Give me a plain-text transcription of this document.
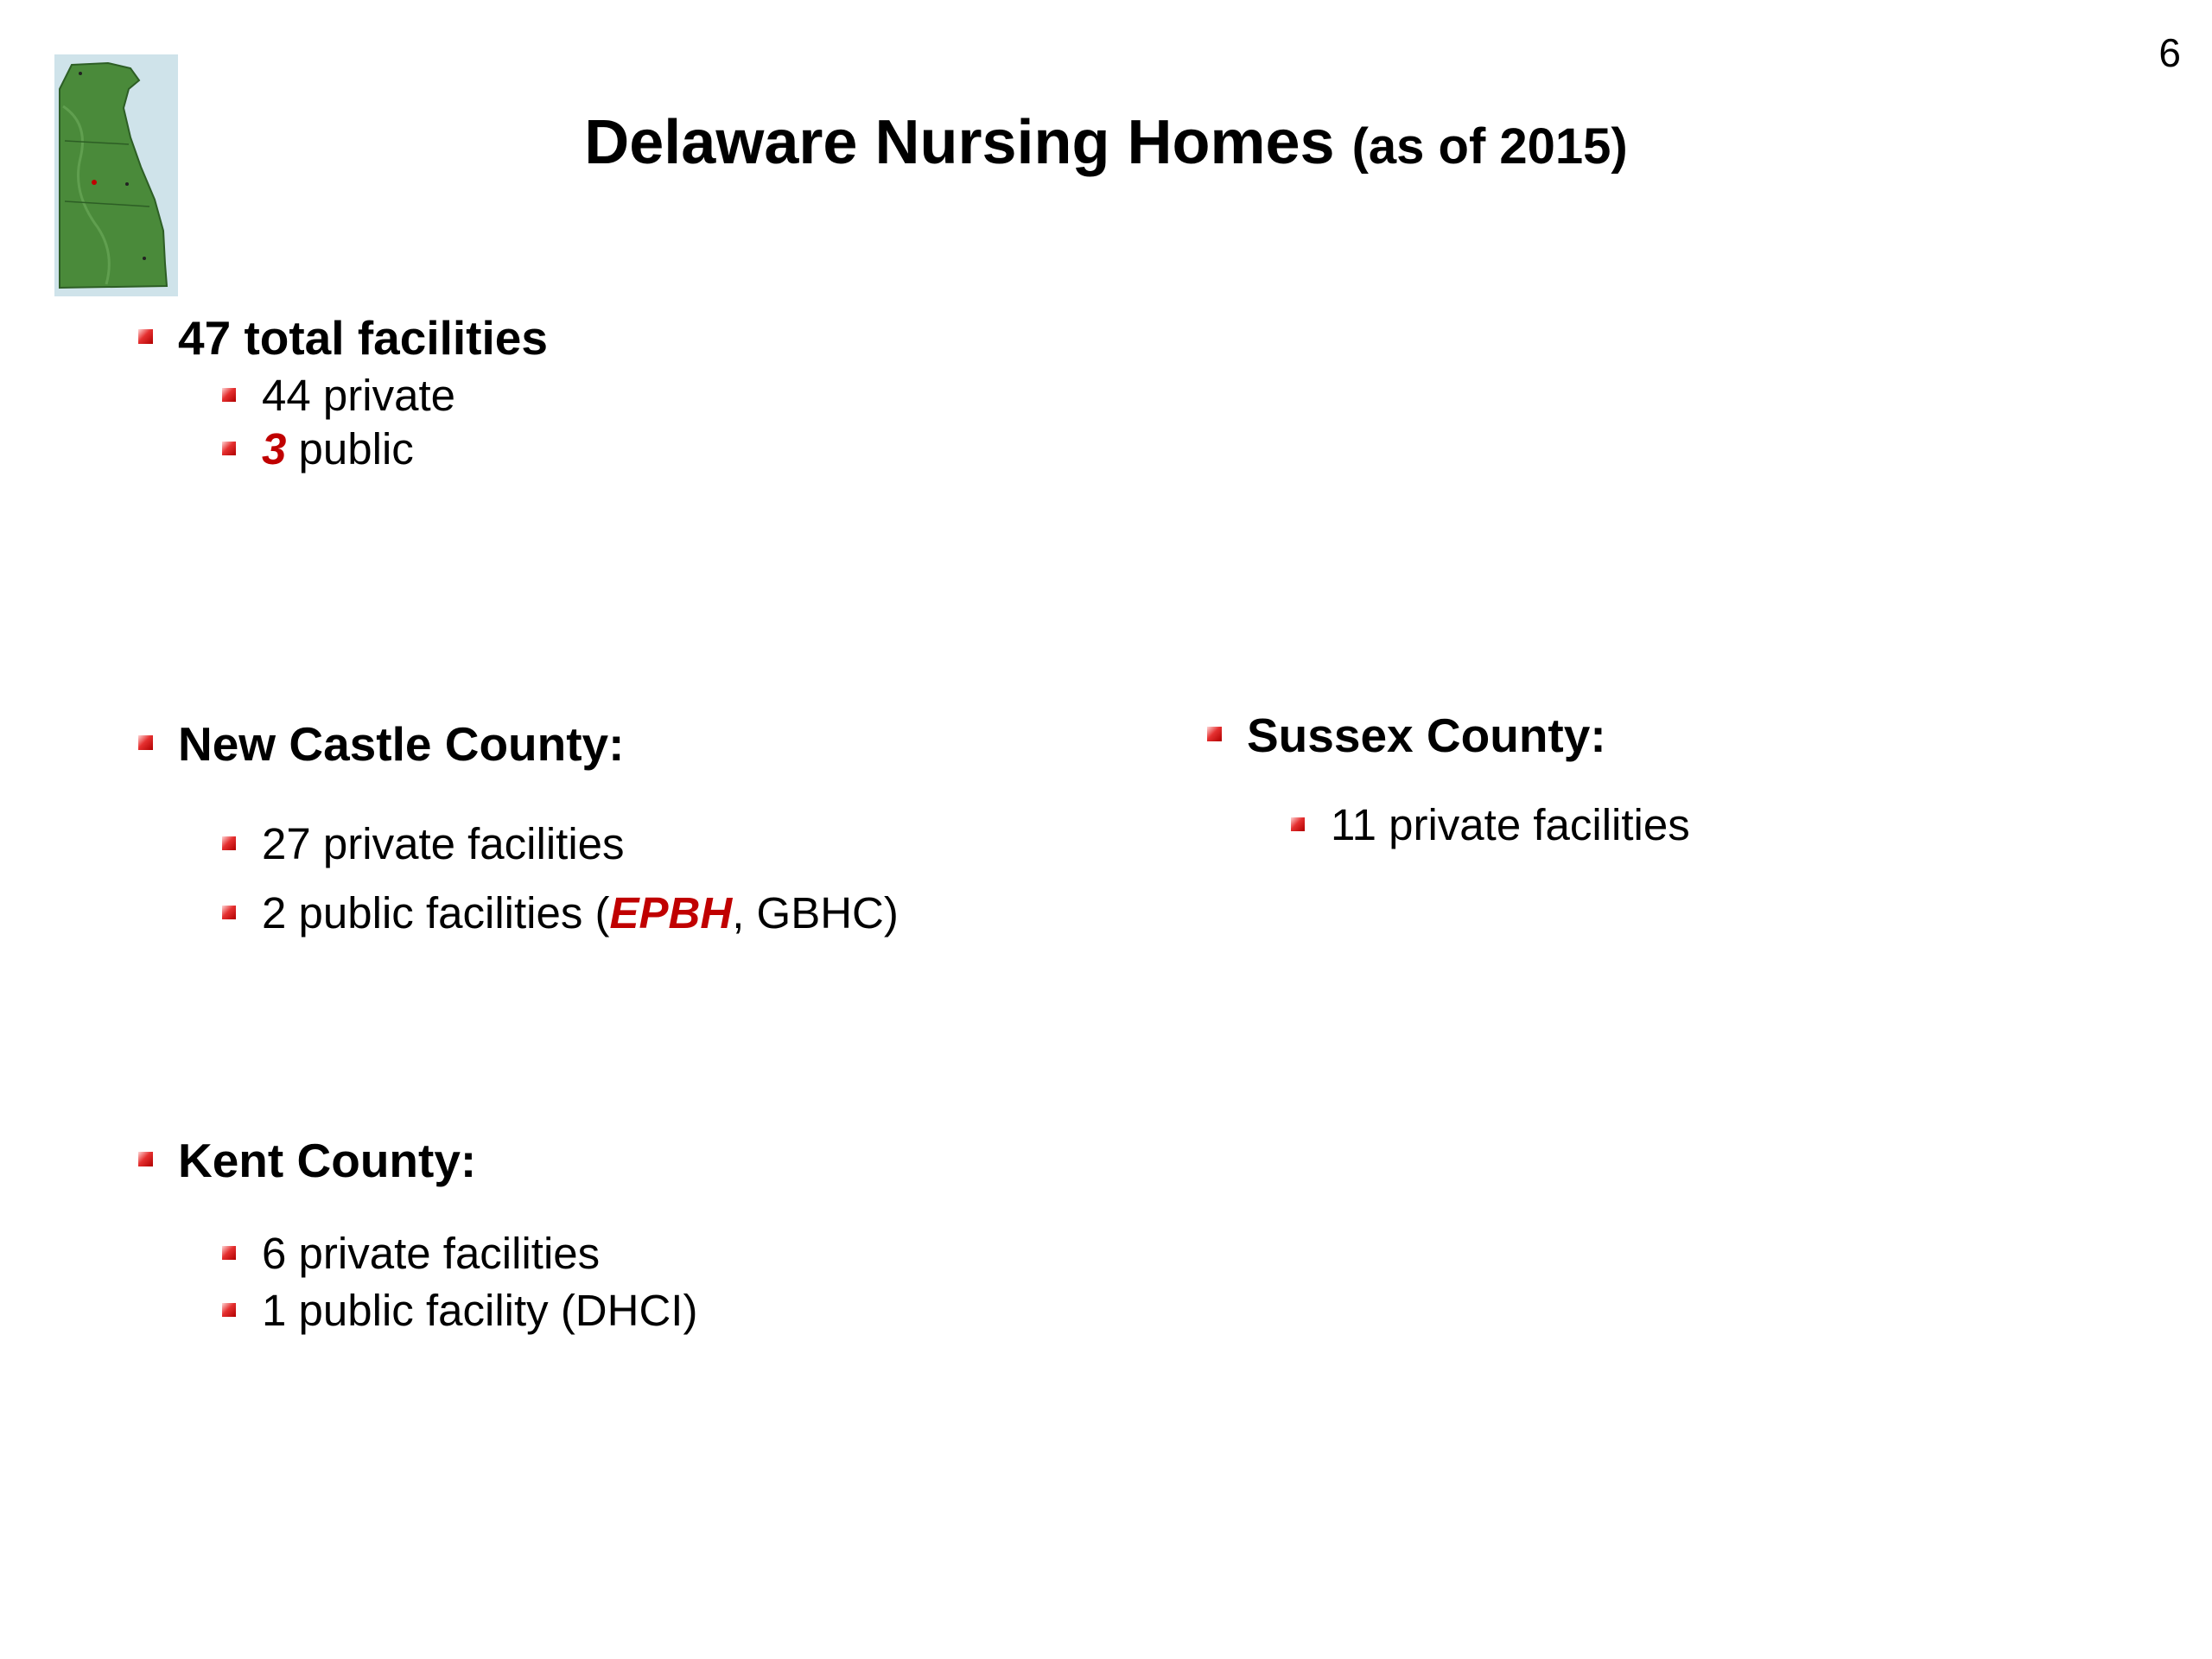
6
Delaware Nursing Homes (as of 2015)
47 total facilities
44 private
3 public
New Castle County:
27 private facilities
2 public facilities (EPBH, GBHC)
Sussex County:
11 private facilities
Kent County:
6 private facilities
1 public facility (DHCI)
